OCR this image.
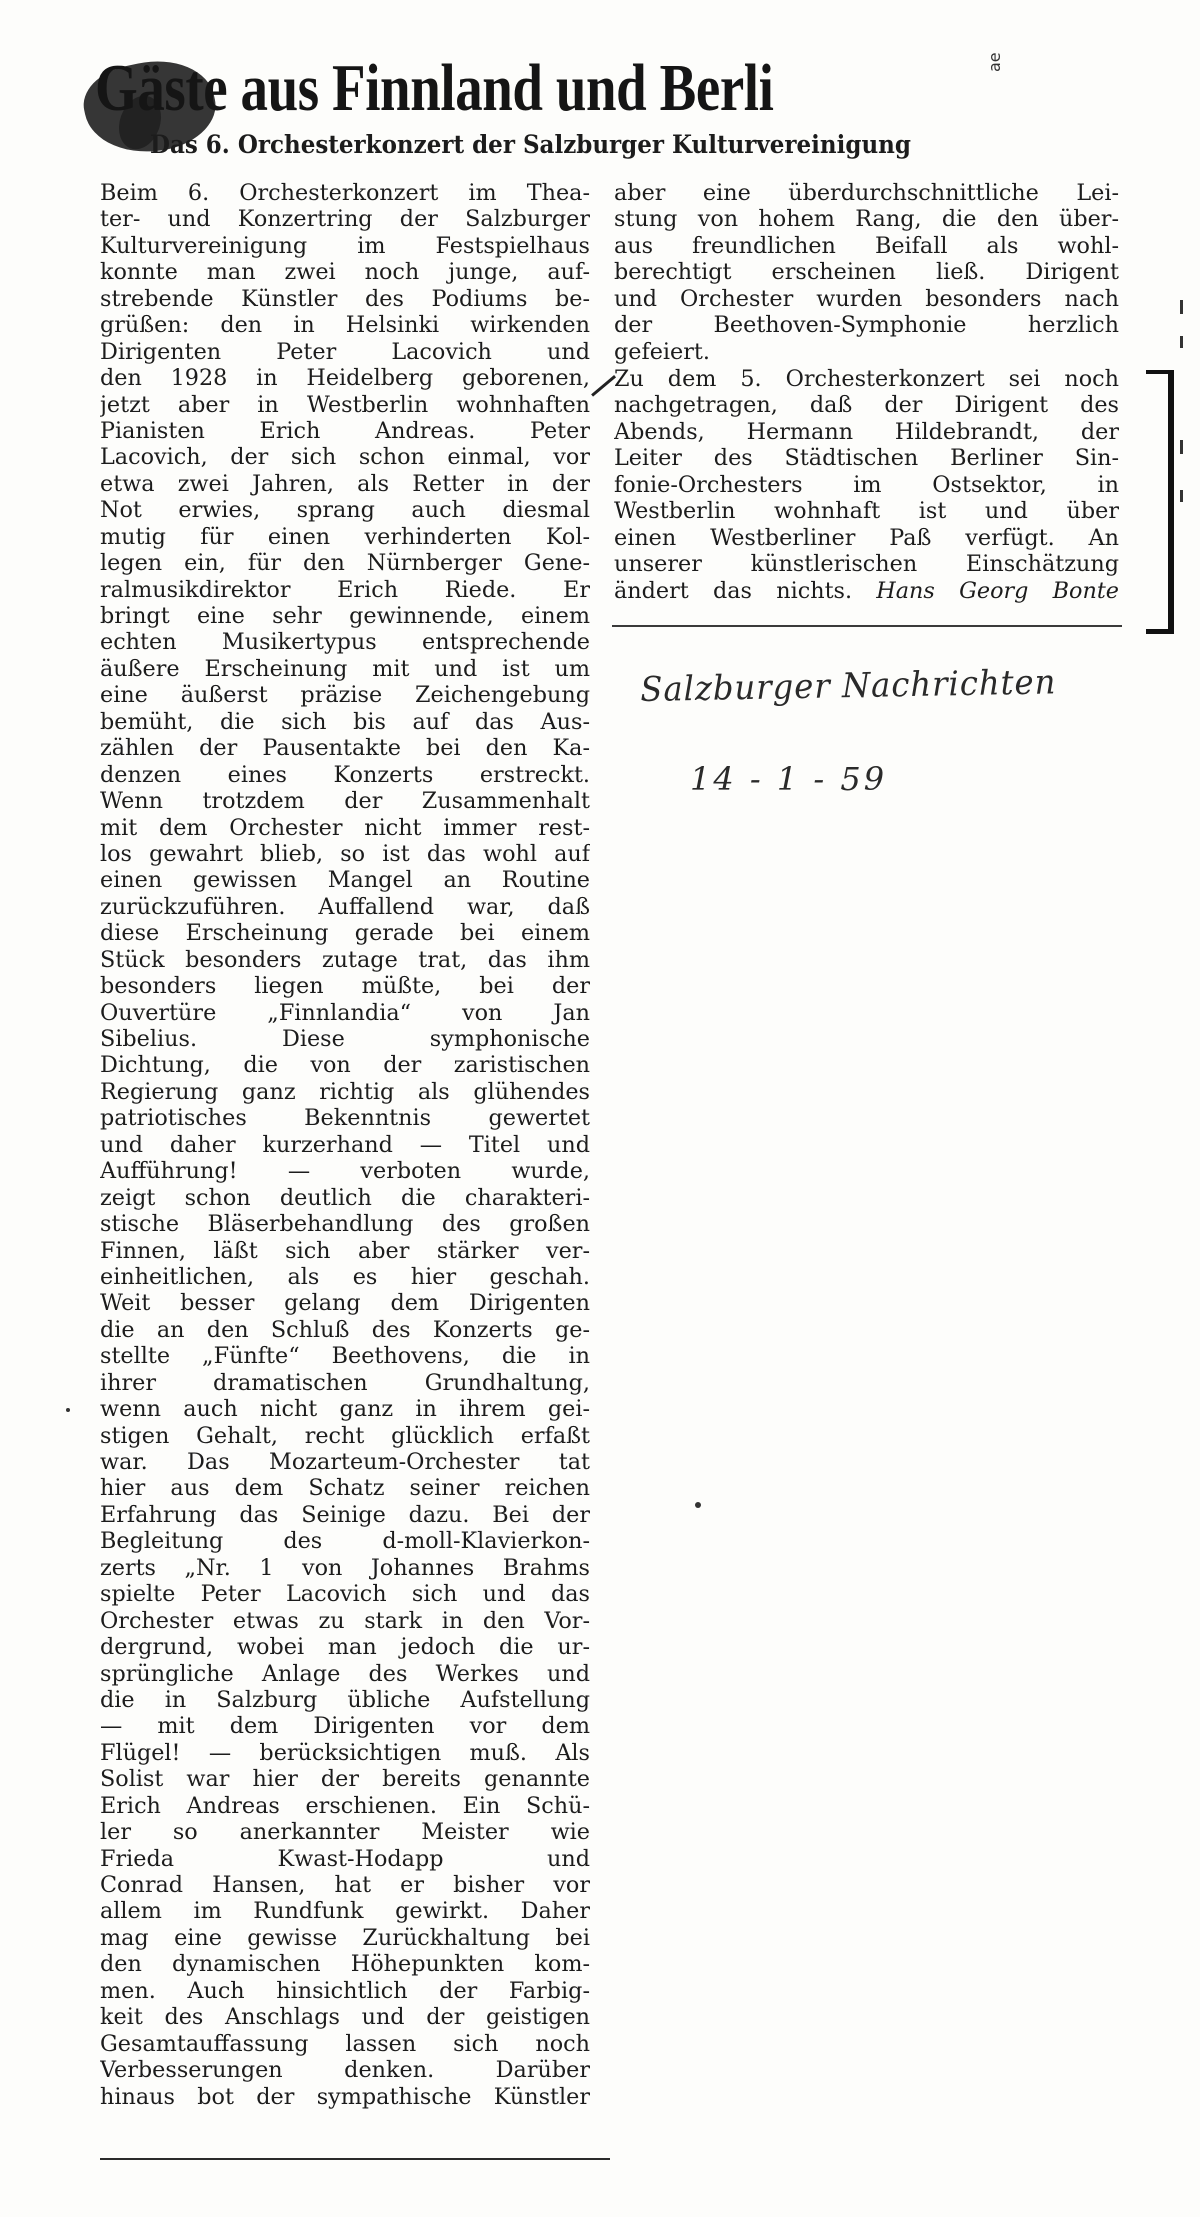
Gäste aus Finnland und Berli	ae
Das 6. Orchesterkonzert der Salzburger Kulturvereinigung
Beim 6. Orchesterkonzert im Thea-
ter- und Konzertring der Salzburger
Kulturvereinigung im Festspielhaus
konnte man zwei noch junge, auf-
strebende Künstler des Podiums be-
grüßen: den in Helsinki wirkenden
Dirigenten Peter Lacovich und
den 1928 in Heidelberg geborenen,
jetzt aber in Westberlin wohnhaften
Pianisten Erich Andreas. Peter
Lacovich, der sich schon einmal, vor
etwa zwei Jahren, als Retter in der
Not erwies, sprang auch diesmal
mutig für einen verhinderten Kol-
legen ein, für den Nürnberger Gene-
ralmusikdirektor Erich Riede. Er
bringt eine sehr gewinnende, einem
echten Musikertypus entsprechende
äußere Erscheinung mit und ist um
eine äußerst präzise Zeichengebung
bemüht, die sich bis auf das Aus-
zählen der Pausentakte bei den Ka-
denzen eines Konzerts erstreckt.
Wenn trotzdem der Zusammenhalt
mit dem Orchester nicht immer rest-
los gewahrt blieb, so ist das wohl auf
einen gewissen Mangel an Routine
zurückzuführen. Auffallend war, daß
diese Erscheinung gerade bei einem
Stück besonders zutage trat, das ihm
besonders liegen müßte, bei der
Ouvertüre „Finnlandia“ von Jan
Sibelius. Diese symphonische
Dichtung, die von der zaristischen
Regierung ganz richtig als glühendes
patriotisches Bekenntnis gewertet
und daher kurzerhand — Titel und
Aufführung! — verboten wurde,
zeigt schon deutlich die charakteri-
stische Bläserbehandlung des großen
Finnen, läßt sich aber stärker ver-
einheitlichen, als es hier geschah.
Weit besser gelang dem Dirigenten
die an den Schluß des Konzerts ge-
stellte „Fünfte“ Beethovens, die in
ihrer dramatischen Grundhaltung,
wenn auch nicht ganz in ihrem gei-
stigen Gehalt, recht glücklich erfaßt
war. Das Mozarteum-Orchester tat
hier aus dem Schatz seiner reichen
Erfahrung das Seinige dazu. Bei der
Begleitung des d-moll-Klavierkon-
zerts „Nr. 1 von Johannes Brahms
spielte Peter Lacovich sich und das
Orchester etwas zu stark in den Vor-
dergrund, wobei man jedoch die ur-
sprüngliche Anlage des Werkes und
die in Salzburg übliche Aufstellung
— mit dem Dirigenten vor dem
Flügel! — berücksichtigen muß. Als
Solist war hier der bereits genannte
Erich Andreas erschienen. Ein Schü-
ler so anerkannter Meister wie
Frieda Kwast-Hodapp und
Conrad Hansen, hat er bisher vor
allem im Rundfunk gewirkt. Daher
mag eine gewisse Zurückhaltung bei
den dynamischen Höhepunkten kom-
men. Auch hinsichtlich der Farbig-
keit des Anschlags und der geistigen
Gesamtauffassung lassen sich noch
Verbesserungen denken. Darüber
hinaus bot der sympathische Künstler
aber eine überdurchschnittliche Lei-
stung von hohem Rang, die den über-
aus freundlichen Beifall als wohl-
berechtigt erscheinen ließ. Dirigent
und Orchester wurden besonders nach
der Beethoven-Symphonie herzlich
gefeiert.
Zu dem 5. Orchesterkonzert sei noch
nachgetragen, daß der Dirigent des
Abends, Hermann Hildebrandt, der
Leiter des Städtischen Berliner Sin-
fonie-Orchesters im Ostsektor, in
Westberlin wohnhaft ist und über
einen Westberliner Paß verfügt. An
unserer künstlerischen Einschätzung
ändert das nichts. Hans Georg Bonte
Salzburger Nachrichten
14 - 1 - 59
